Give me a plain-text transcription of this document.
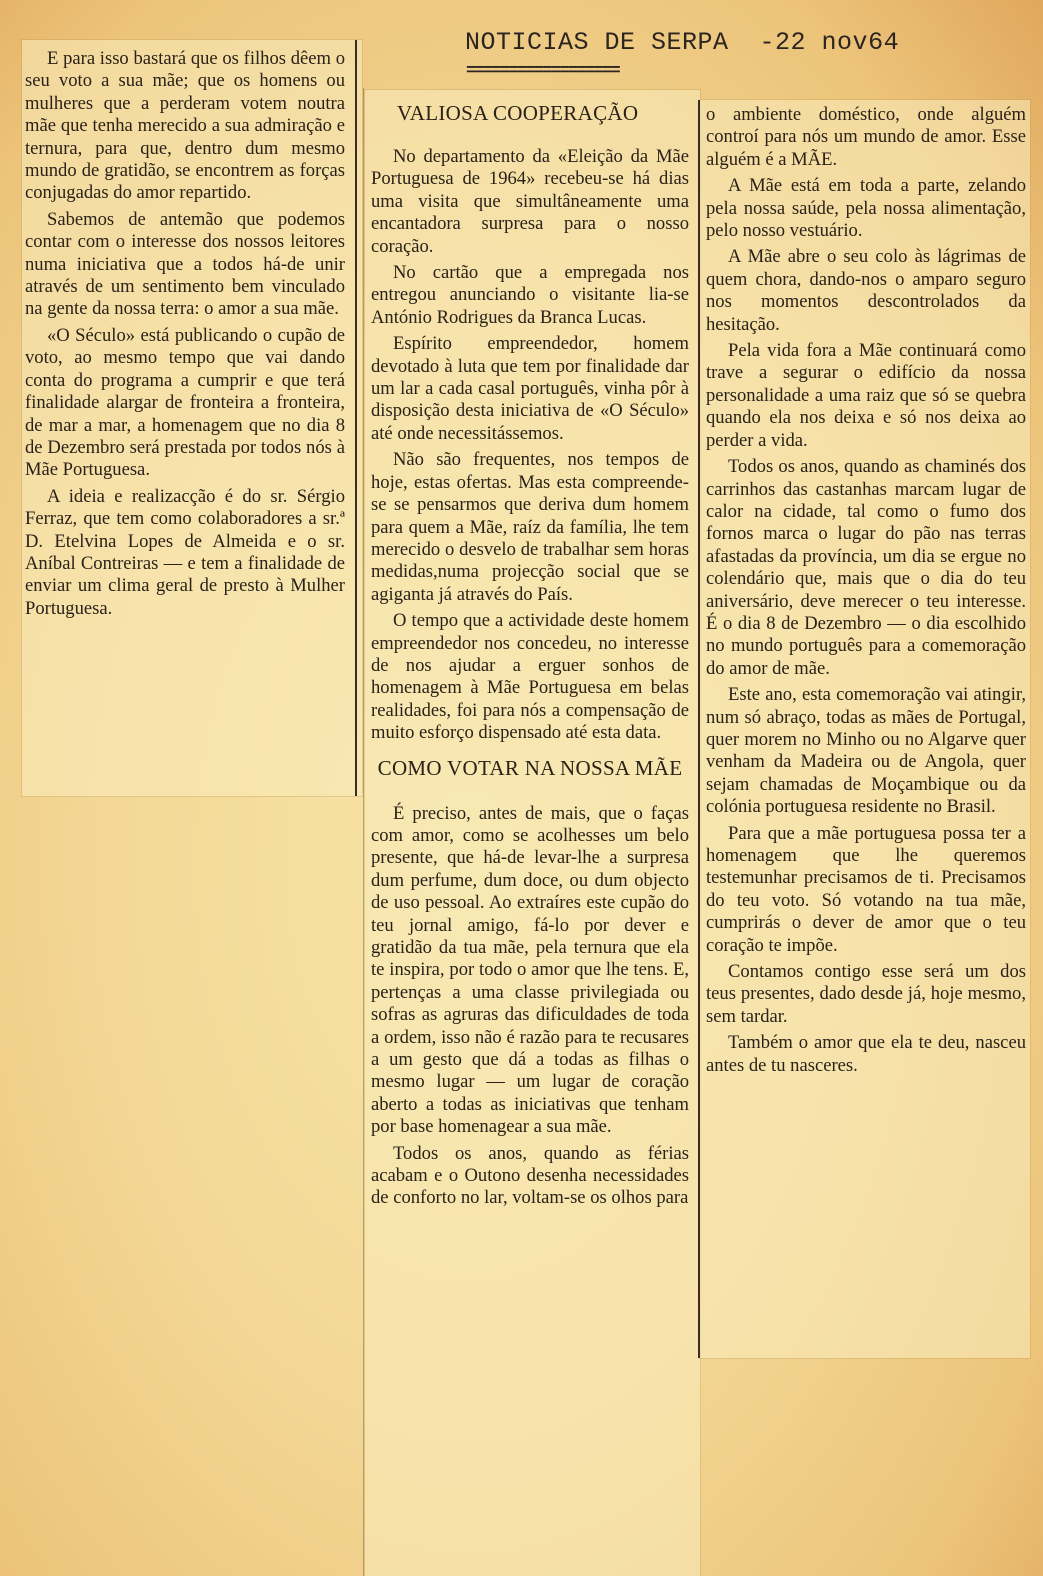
NOTICIAS DE SERPA  -22 nov64
==================

E para isso bastará que os filhos dêem o seu voto a sua mãe; que os homens ou mulheres que a perderam votem noutra mãe que tenha merecido a sua admiração e ternura, para que, dentro dum mesmo mundo de gratidão, se encontrem as forças conjugadas do amor repartido.

Sabemos de antemão que podemos contar com o interesse dos nossos leitores numa iniciativa que a todos há-de unir através de um sentimento bem vinculado na gente da nossa terra: o amor a sua mãe.

«O Século» está publicando o cupão de voto, ao mesmo tempo que vai dando conta do programa a cumprir e que terá finalidade alargar de fronteira a fronteira, de mar a mar, a homenagem que no dia 8 de Dezembro será prestada por todos nós à Mãe Portuguesa.

A ideia e realizacção é do sr. Sérgio Ferraz, que tem como colaboradores a sr.ª D. Etelvina Lopes de Almeida e o sr. Aníbal Contreiras — e tem a finalidade de enviar um clima geral de presto à Mulher Portuguesa.

VALIOSA COOPERAÇÃO

No departamento da «Eleição da Mãe Portuguesa de 1964» recebeu-se há dias uma visita que simultâneamente uma encantadora surpresa para o nosso coração.

No cartão que a empregada nos entregou anunciando o visitante lia-se António Rodrigues da Branca Lucas.

Espírito empreendedor, homem devotado à luta que tem por finalidade dar um lar a cada casal português, vinha pôr à disposição desta iniciativa de «O Século» até onde necessitássemos.

Não são frequentes, nos tempos de hoje, estas ofertas. Mas esta compreende-se se pensarmos que deriva dum homem para quem a Mãe, raíz da família, lhe tem merecido o desvelo de trabalhar sem horas medidas,numa projecção social que se agiganta já através do País.

O tempo que a actividade deste homem empreendedor nos concedeu, no interesse de nos ajudar a erguer sonhos de homenagem à Mãe Portuguesa em belas realidades, foi para nós a compensação de muito esforço dispensado até esta data.

COMO VOTAR NA NOSSA MÃE

É preciso, antes de mais, que o faças com amor, como se acolhesses um belo presente, que há-de levar-lhe a surpresa dum perfume, dum doce, ou dum objecto de uso pessoal. Ao extraíres este cupão do teu jornal amigo, fá-lo por dever e gratidão da tua mãe, pela ternura que ela te inspira, por todo o amor que lhe tens. E, pertenças a uma classe privilegiada ou sofras as agruras das dificuldades de toda a ordem, isso não é razão para te recusares a um gesto que dá a todas as filhas o mesmo lugar — um lugar de coração aberto a todas as iniciativas que tenham por base homenagear a sua mãe.

Todos os anos, quando as férias acabam e o Outono desenha necessidades de conforto no lar, voltam-se os olhos para

o ambiente doméstico, onde alguém controí para nós um mundo de amor. Esse alguém é a MÃE.

A Mãe está em toda a parte, zelando pela nossa saúde, pela nossa alimentação, pelo nosso vestuário.

A Mãe abre o seu colo às lágrimas de quem chora, dando-nos o amparo seguro nos momentos descontrolados da hesitação.

Pela vida fora a Mãe continuará como trave a segurar o edifício da nossa personalidade a uma raiz que só se quebra quando ela nos deixa e só nos deixa ao perder a vida.

Todos os anos, quando as chaminés dos carrinhos das castanhas marcam lugar de calor na cidade, tal como o fumo dos fornos marca o lugar do pão nas terras afastadas da província, um dia se ergue no colendário que, mais que o dia do teu aniversário, deve merecer o teu interesse. É o dia 8 de Dezembro — o dia escolhido no mundo português para a comemoração do amor de mãe.

Este ano, esta comemoração vai atingir, num só abraço, todas as mães de Portugal, quer morem no Minho ou no Algarve quer venham da Madeira ou de Angola, quer sejam chamadas de Moçambique ou da colónia portuguesa residente no Brasil.

Para que a mãe portuguesa possa ter a homenagem que lhe queremos testemunhar precisamos de ti. Precisamos do teu voto. Só votando na tua mãe, cumprirás o dever de amor que o teu coração te impõe.

Contamos contigo esse será um dos teus presentes, dado desde já, hoje mesmo, sem tardar.

Também o amor que ela te deu, nasceu antes de tu nasceres.
